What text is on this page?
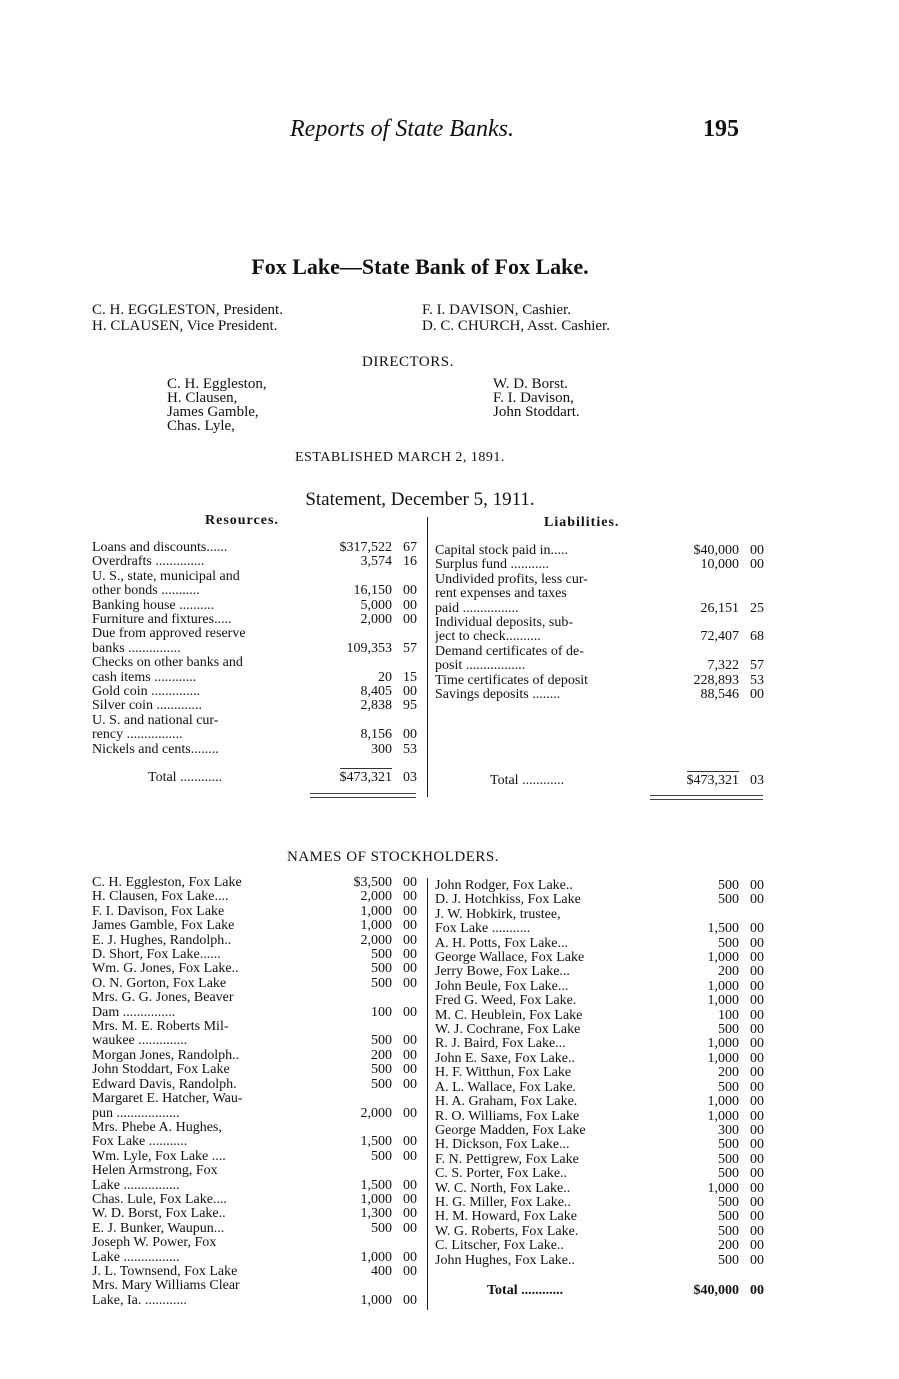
Reports of State Banks.	195
Fox Lake—State Bank of Fox Lake.
C. H. EGGLESTON, President.
H. CLAUSEN, Vice President.
F. I. DAVISON, Cashier.
D. C. CHURCH, Asst. Cashier.
DIRECTORS.
C. H. Eggleston,
H. Clausen,
James Gamble,
Chas. Lyle,
W. D. Borst.
F. I. Davison,
John Stoddart.
ESTABLISHED MARCH 2, 1891.
Statement, December 5, 1911.
Resources.	Liabilities.
Loans and discounts......	$317,522	67
Overdrafts ..............	3,574	16
U. S., state, municipal and		
other bonds ...........	16,150	00
Banking house ..........	5,000	00
Furniture and fixtures.....	2,000	00
Due from approved reserve		
banks ...............	109,353	57
Checks on other banks and		
cash items ............	20	15
Gold coin ..............	8,405	00
Silver coin .............	2,838	95
U. S. and national cur-		
rency ................	8,156	00
Nickels and cents........	300	53
Capital stock paid in.....	$40,000	00
Surplus fund ...........	10,000	00
Undivided profits, less cur-		
rent expenses and taxes		
paid ................	26,151	25
Individual deposits, sub-		
ject to check..........	72,407	68
Demand certificates of de-		
posit .................	7,322	57
Time certificates of deposit	228,893	53
Savings deposits ........	88,546	00
Total ............	$473,321 03	Total ............	$473,321 03
NAMES OF STOCKHOLDERS.
C. H. Eggleston, Fox Lake	$3,500	00
H. Clausen, Fox Lake....	2,000	00
F. I. Davison, Fox Lake	1,000	00
James Gamble, Fox Lake	1,000	00
E. J. Hughes, Randolph..	2,000	00
D. Short, Fox Lake......	500	00
Wm. G. Jones, Fox Lake..	500	00
O. N. Gorton, Fox Lake	500	00
Mrs. G. G. Jones, Beaver		
Dam ...............	100	00
Mrs. M. E. Roberts Mil-		
waukee ..............	500	00
Morgan Jones, Randolph..	200	00
John Stoddart, Fox Lake	500	00
Edward Davis, Randolph.	500	00
Margaret E. Hatcher, Wau-		
pun ..................	2,000	00
Mrs. Phebe A. Hughes,		
Fox Lake ...........	1,500	00
Wm. Lyle, Fox Lake ....	500	00
Helen Armstrong, Fox		
Lake ................	1,500	00
Chas. Lule, Fox Lake....	1,000	00
W. D. Borst, Fox Lake..	1,300	00
E. J. Bunker, Waupun...	500	00
Joseph W. Power, Fox		
Lake ................	1,000	00
J. L. Townsend, Fox Lake	400	00
Mrs. Mary Williams Clear		
Lake, Ia. ............	1,000	00
John Rodger, Fox Lake..	500	00
D. J. Hotchkiss, Fox Lake	500	00
J. W. Hobkirk, trustee,		
Fox Lake ...........	1,500	00
A. H. Potts, Fox Lake...	500	00
George Wallace, Fox Lake	1,000	00
Jerry Bowe, Fox Lake...	200	00
John Beule, Fox Lake...	1,000	00
Fred G. Weed, Fox Lake.	1,000	00
M. C. Heublein, Fox Lake	100	00
W. J. Cochrane, Fox Lake	500	00
R. J. Baird, Fox Lake...	1,000	00
John E. Saxe, Fox Lake..	1,000	00
H. F. Witthun, Fox Lake	200	00
A. L. Wallace, Fox Lake.	500	00
H. A. Graham, Fox Lake.	1,000	00
R. O. Williams, Fox Lake	1,000	00
George Madden, Fox Lake	300	00
H. Dickson, Fox Lake...	500	00
F. N. Pettigrew, Fox Lake	500	00
C. S. Porter, Fox Lake..	500	00
W. C. North, Fox Lake..	1,000	00
H. G. Miller, Fox Lake..	500	00
H. M. Howard, Fox Lake	500	00
W. G. Roberts, Fox Lake.	500	00
C. Litscher, Fox Lake..	200	00
John Hughes, Fox Lake..	500	00
Total ............	$40,000 00
